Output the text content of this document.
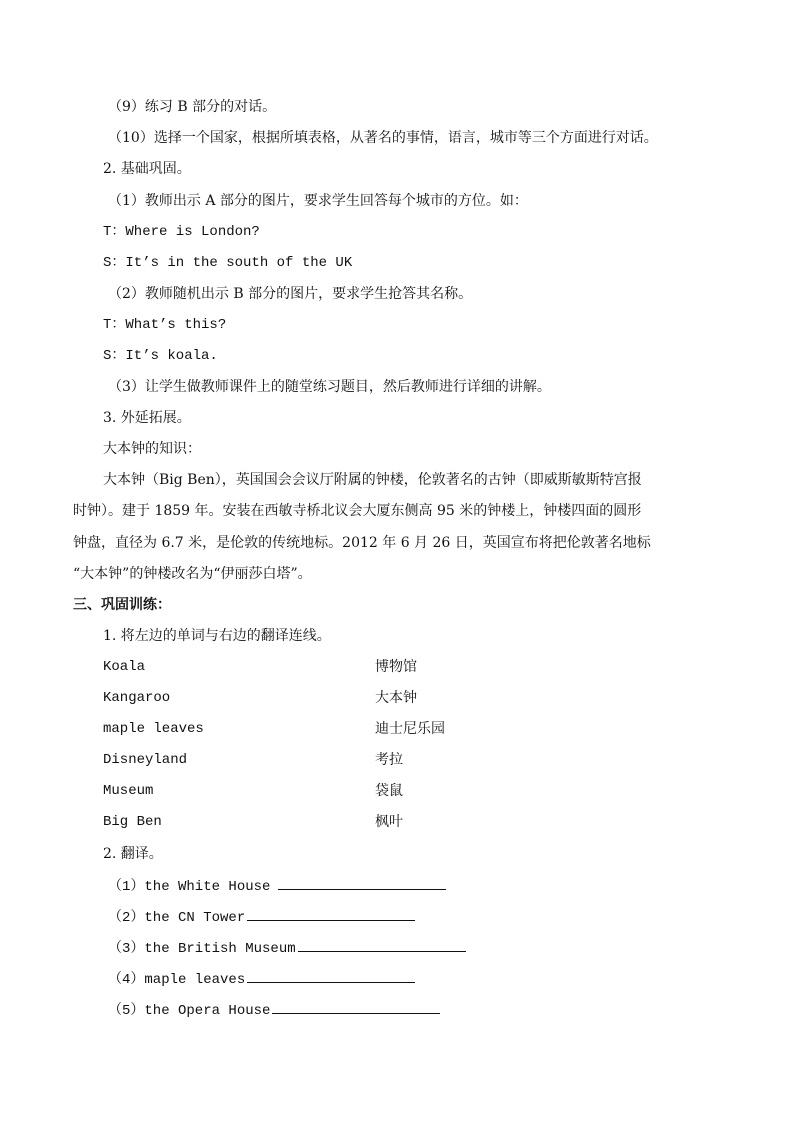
（9）练习 B 部分的对话。
（10）选择一个国家，根据所填表格，从著名的事情，语言，城市等三个方面进行对话。
2. 基础巩固。
（1）教师出示 A 部分的图片，要求学生回答每个城市的方位。如：
T：Where is London?
S：It’s in the south of the UK
（2）教师随机出示 B 部分的图片，要求学生抢答其名称。
T：What’s this?
S：It’s koala.
（3）让学生做教师课件上的随堂练习题目，然后教师进行详细的讲解。
3. 外延拓展。
大本钟的知识：
大本钟（Big Ben），英国国会会议厅附属的钟楼，伦敦著名的古钟（即威斯敏斯特宫报
时钟）。建于 1859 年。安装在西敏寺桥北议会大厦东侧高 95 米的钟楼上，钟楼四面的圆形
钟盘，直径为 6.7 米，是伦敦的传统地标。2012 年 6 月 26 日，英国宣布将把伦敦著名地标
“大本钟”的钟楼改名为“伊丽莎白塔”。
三、巩固训练：
1. 将左边的单词与右边的翻译连线。
Koala	博物馆
Kangaroo	大本钟
maple leaves	迪士尼乐园
Disneyland	考拉
Museum	袋鼠
Big Ben	枫叶
2. 翻译。
（1）the White House
（2）the CN Tower
（3）the British Museum
（4）maple leaves
（5）the Opera House
